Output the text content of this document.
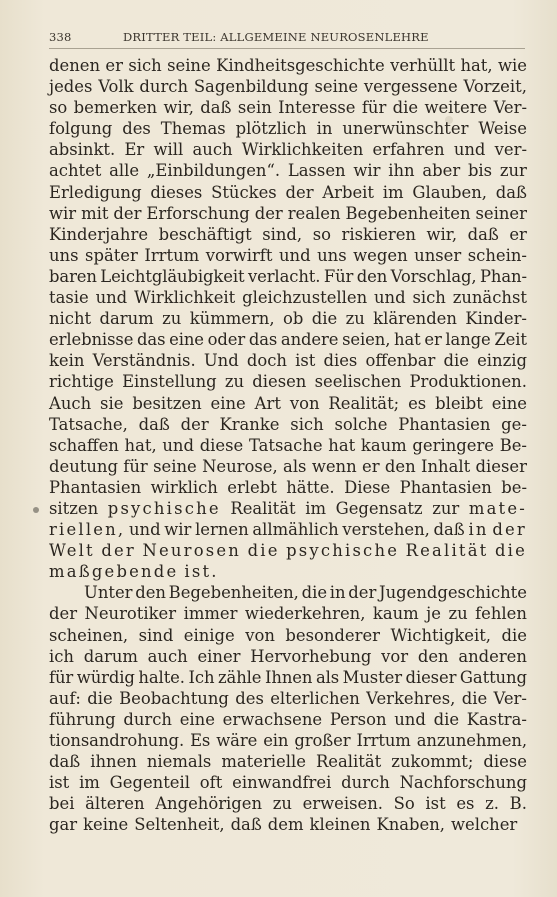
338	DRITTER TEIL: ALLGEMEINE NEUROSENLEHRE
denen er sich seine Kindheitsgeschichte verhüllt hat, wie
jedes Volk durch Sagenbildung seine vergessene Vorzeit,
so bemerken wir, daß sein Interesse für die weitere Ver-
folgung des Themas plötzlich in unerwünschter Weise
absinkt. Er will auch Wirklichkeiten erfahren und ver-
achtet alle „Einbildungen“. Lassen wir ihn aber bis zur
Erledigung dieses Stückes der Arbeit im Glauben, daß
wir mit der Erforschung der realen Begebenheiten seiner
Kinderjahre beschäftigt sind, so riskieren wir, daß er
uns später Irrtum vorwirft und uns wegen unser schein-
baren Leichtgläubigkeit verlacht. Für den Vorschlag, Phan-
tasie und Wirklichkeit gleichzustellen und sich zunächst
nicht darum zu kümmern, ob die zu klärenden Kinder-
erlebnisse das eine oder das andere seien, hat er lange Zeit
kein Verständnis. Und doch ist dies offenbar die einzig
richtige Einstellung zu diesen seelischen Produktionen.
Auch sie besitzen eine Art von Realität; es bleibt eine
Tatsache, daß der Kranke sich solche Phantasien ge-
schaffen hat, und diese Tatsache hat kaum geringere Be-
deutung für seine Neurose, als wenn er den Inhalt dieser
Phantasien wirklich erlebt hätte. Diese Phantasien be-
sitzen psychische Realität im Gegensatz zur mate-
riellen, und wir lernen allmählich verstehen, daß in der
Welt der Neurosen die psychische Realität die
maßgebende ist.
Unter den Begebenheiten, die in der Jugendgeschichte
der Neurotiker immer wiederkehren, kaum je zu fehlen
scheinen, sind einige von besonderer Wichtigkeit, die
ich darum auch einer Hervorhebung vor den anderen
für würdig halte. Ich zähle Ihnen als Muster dieser Gattung
auf: die Beobachtung des elterlichen Verkehres, die Ver-
führung durch eine erwachsene Person und die Kastra-
tionsandrohung. Es wäre ein großer Irrtum anzunehmen,
daß ihnen niemals materielle Realität zukommt; diese
ist im Gegenteil oft einwandfrei durch Nachforschung
bei älteren Angehörigen zu erweisen. So ist es z. B.
gar keine Seltenheit, daß dem kleinen Knaben, welcher
